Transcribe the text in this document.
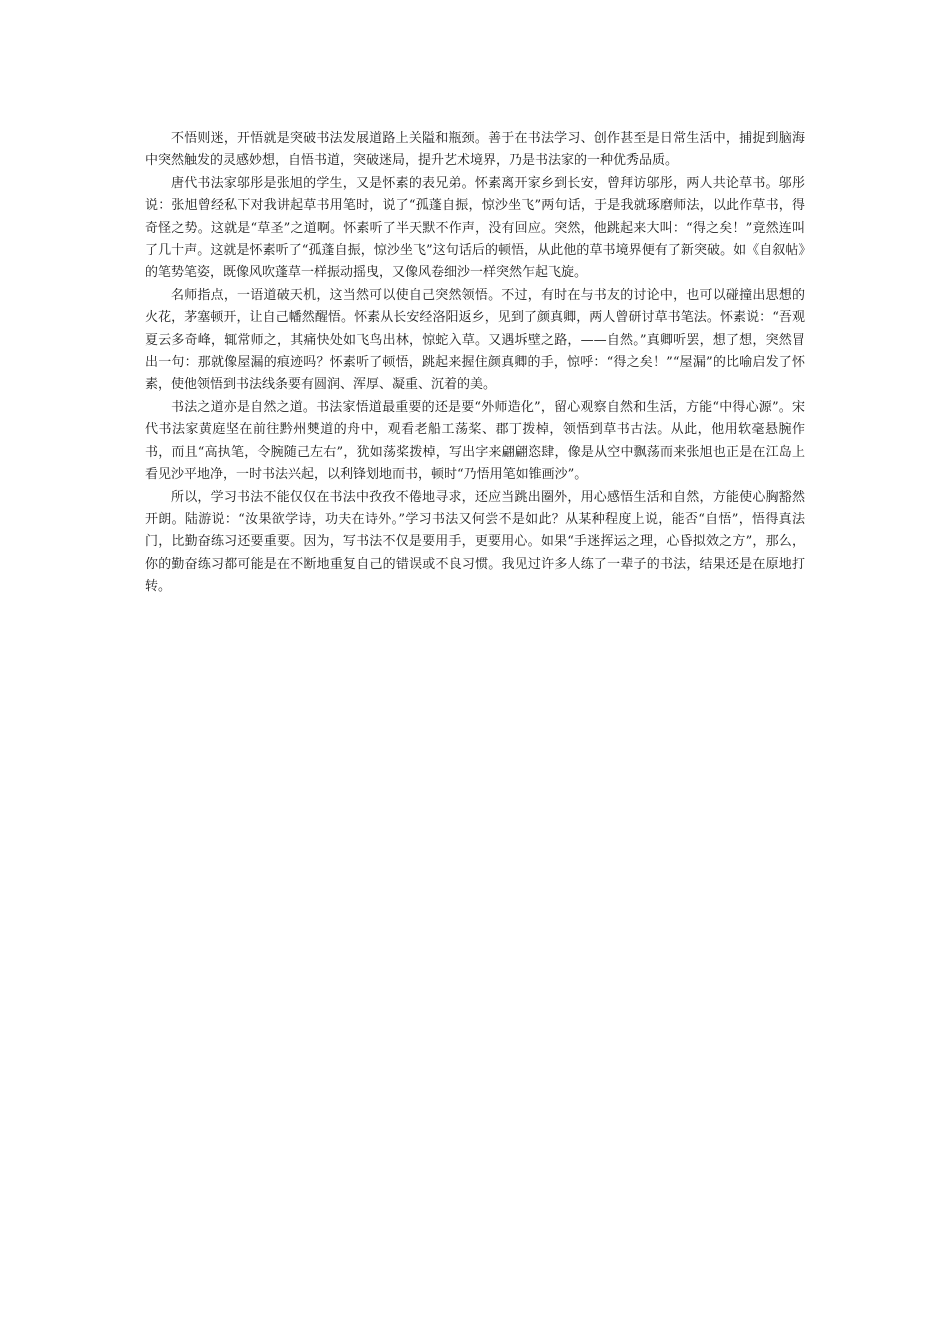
不悟则迷，开悟就是突破书法发展道路上关隘和瓶颈。善于在书法学习、创作甚至是日常生活中，捕捉到脑海中突然触发的灵感妙想，自悟书道，突破迷局，提升艺术境界，乃是书法家的一种优秀品质。

唐代书法家邬彤是张旭的学生，又是怀素的表兄弟。怀素离开家乡到长安，曾拜访邬彤，两人共论草书。邬彤说：张旭曾经私下对我讲起草书用笔时，说了“孤蓬自振，惊沙坐飞”两句话，于是我就琢磨师法，以此作草书，得奇怪之势。这就是“草圣”之道啊。怀素听了半天默不作声，没有回应。突然，他跳起来大叫：“得之矣！”竟然连叫了几十声。这就是怀素听了“孤蓬自振，惊沙坐飞”这句话后的顿悟，从此他的草书境界便有了新突破。如《自叙帖》的笔势笔姿，既像风吹蓬草一样振动摇曳，又像风卷细沙一样突然乍起飞旋。

名师指点，一语道破天机，这当然可以使自己突然领悟。不过，有时在与书友的讨论中，也可以碰撞出思想的火花，茅塞顿开，让自己幡然醒悟。怀素从长安经洛阳返乡，见到了颜真卿，两人曾研讨草书笔法。怀素说：“吾观夏云多奇峰，辄常师之，其痛快处如飞鸟出林，惊蛇入草。又遇坼壁之路，——自然。”真卿听罢，想了想，突然冒出一句：那就像屋漏的痕迹吗？怀素听了顿悟，跳起来握住颜真卿的手，惊呼：“得之矣！”“屋漏”的比喻启发了怀素，使他领悟到书法线条要有圆润、浑厚、凝重、沉着的美。

书法之道亦是自然之道。书法家悟道最重要的还是要“外师造化”，留心观察自然和生活，方能“中得心源”。宋代书法家黄庭坚在前往黔州僰道的舟中，观看老船工荡桨、郡丁拨棹，领悟到草书古法。从此，他用软毫悬腕作书，而且“高执笔，令腕随己左右”，犹如荡桨拨棹，写出字来翩翩恣肆，像是从空中飘荡而来张旭也正是在江岛上看见沙平地净，一时书法兴起，以利锋划地而书，顿时“乃悟用笔如锥画沙”。

所以，学习书法不能仅仅在书法中孜孜不倦地寻求，还应当跳出圈外，用心感悟生活和自然，方能使心胸豁然开朗。陆游说：“汝果欲学诗，功夫在诗外。”学习书法又何尝不是如此？从某种程度上说，能否“自悟”，悟得真法门，比勤奋练习还要重要。因为，写书法不仅是要用手，更要用心。如果“手迷挥运之理，心昏拟效之方”，那么，你的勤奋练习都可能是在不断地重复自己的错误或不良习惯。我见过许多人练了一辈子的书法，结果还是在原地打转。
